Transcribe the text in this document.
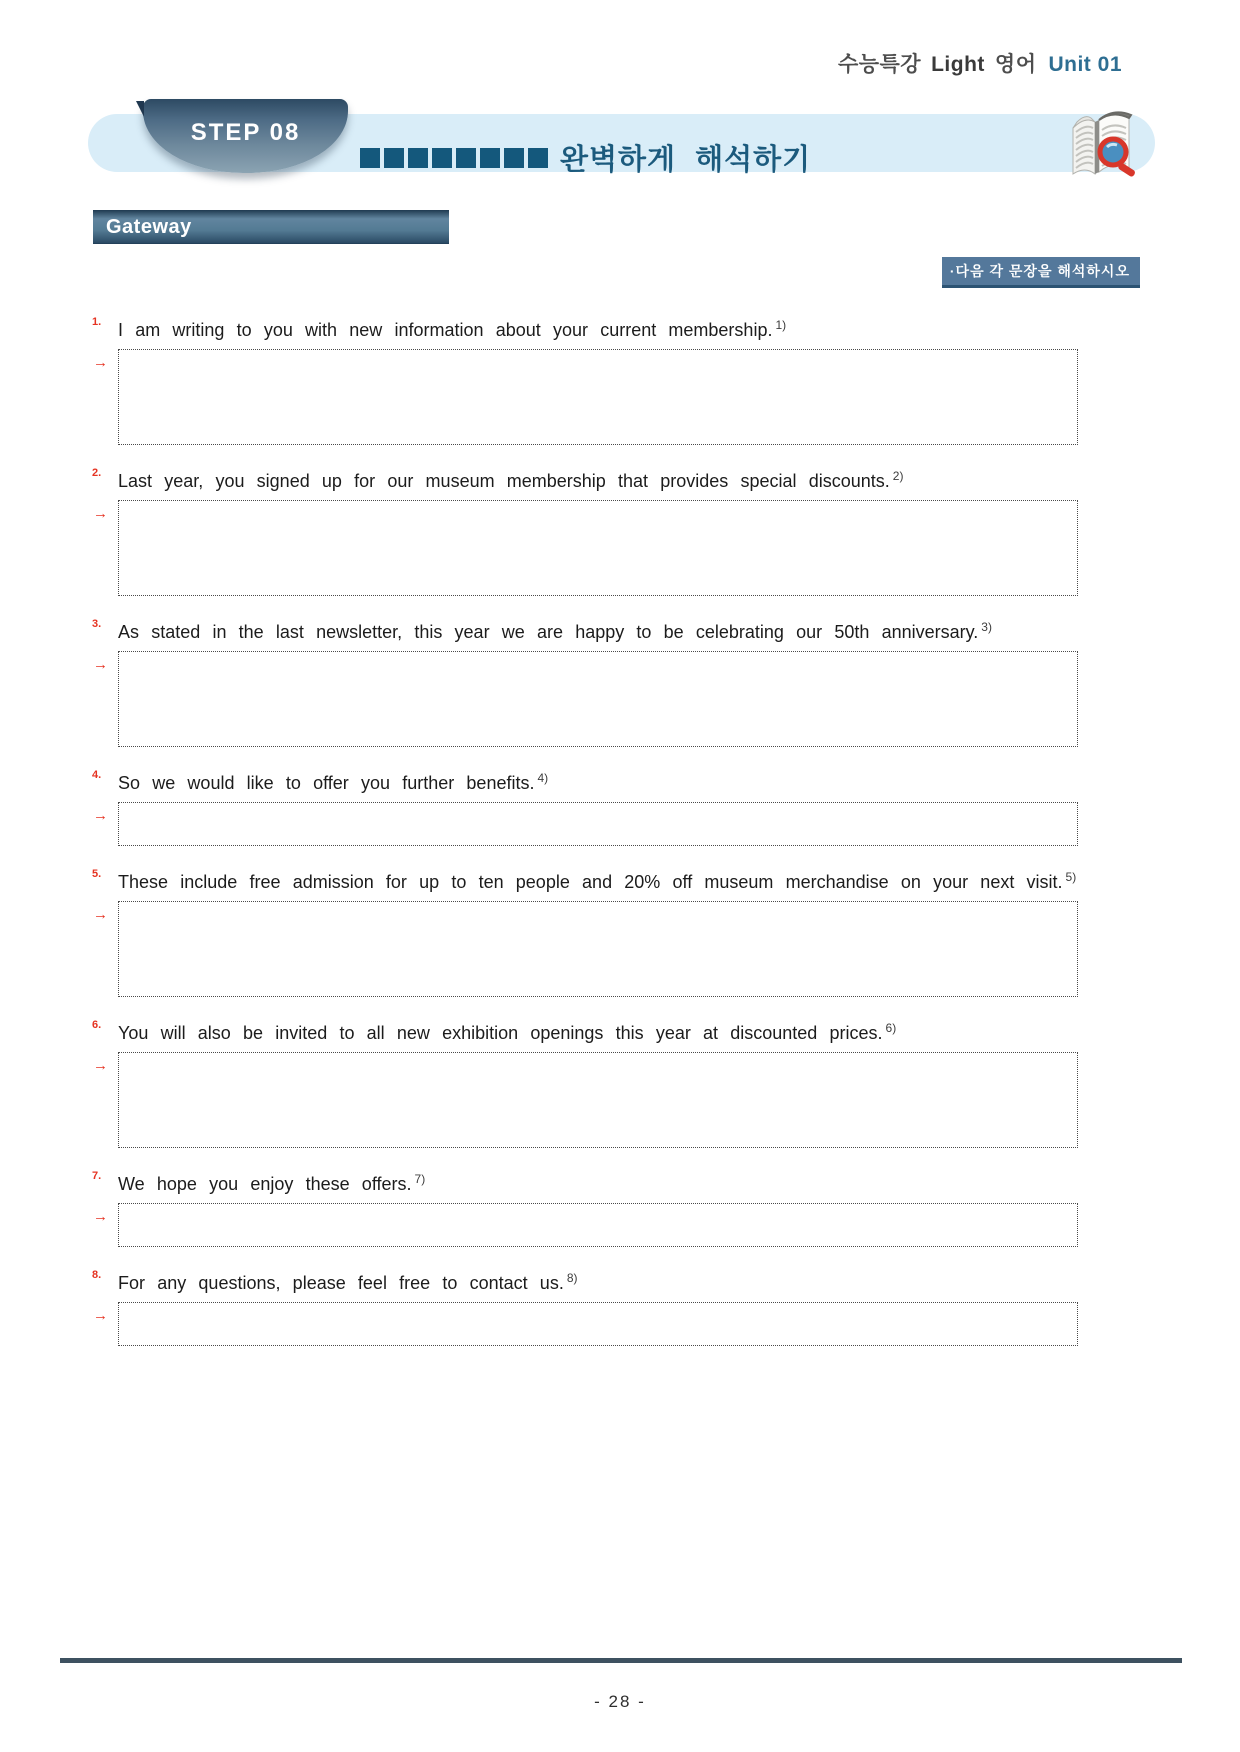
수능특강 Light 영어 Unit 01
STEP 08
완벽하게 해석하기
Gateway
·다음 각 문장을 해석하시오
1. I am writing to you with new information about your current membership. $^{1)}$
→
2. Last year, you signed up for our museum membership that provides special discounts. $^{2)}$
→
3. As stated in the last newsletter, this year we are happy to be celebrating our 50th anniversary. $^{3)}$
→
4. So we would like to offer you further benefits. $^{4)}$
→
5. These include free admission for up to ten people and 20% off museum merchandise on your next visit. $^{5)}$
→
6. You will also be invited to all new exhibition openings this year at discounted prices. $^{6)}$
→
7. We hope you enjoy these offers. $^{7)}$
→
8. For any questions, please feel free to contact us. $^{8)}$
→
- 28 -
